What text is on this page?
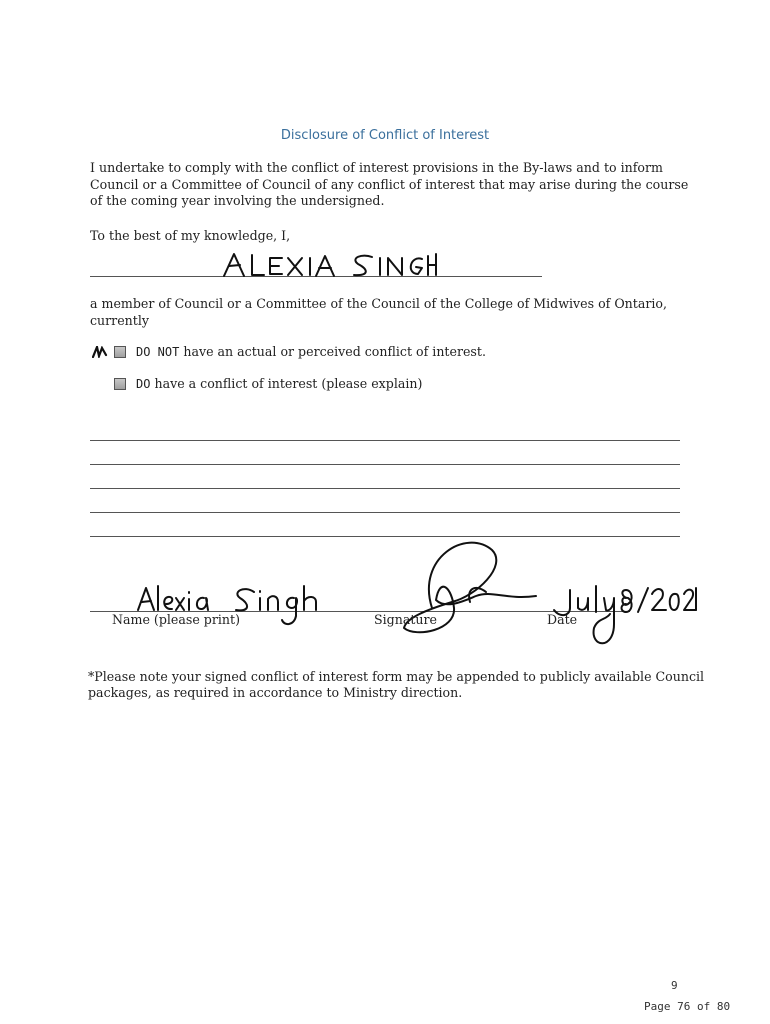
Disclosure of Conflict of Interest
I undertake to comply with the conflict of interest provisions in the By-laws and to inform Council or a Committee of Council of any conflict of interest that may arise during the course of the coming year involving the undersigned.
To the best of my knowledge, I,
a member of Council or a Committee of the Council of the College of Midwives of Ontario, currently
DO NOT have an actual or perceived conflict of interest.
DO have a conflict of interest (please explain)
Name (please print)	Signature	Date
*Please note your signed conflict of interest form may be appended to publicly available Council packages, as required in accordance to Ministry direction.
9
Page 76 of 80
